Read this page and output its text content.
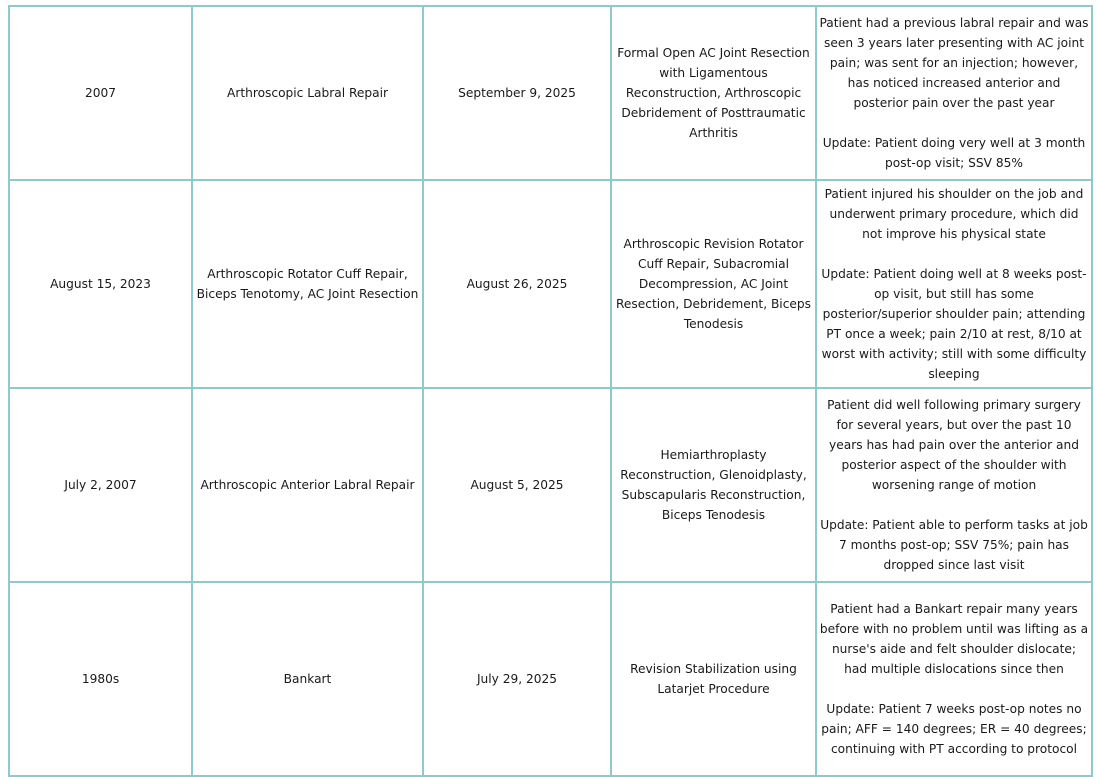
2007	Arthroscopic Labral Repair	September 9, 2025	Formal Open AC Joint Resection with Ligamentous Reconstruction, Arthroscopic Debridement of Posttraumatic Arthritis	Patient had a previous labral repair and was seen 3 years later presenting with AC joint pain; was sent for an injection; however, has noticed increased anterior and posterior pain over the past year

Update: Patient doing very well at 3 month post-op visit; SSV 85%

August 15, 2023	Arthroscopic Rotator Cuff Repair, Biceps Tenotomy, AC Joint Resection	August 26, 2025	Arthroscopic Revision Rotator Cuff Repair, Subacromial Decompression, AC Joint Resection, Debridement, Biceps Tenodesis	Patient injured his shoulder on the job and underwent primary procedure, which did not improve his physical state

Update: Patient doing well at 8 weeks post-op visit, but still has some posterior/superior shoulder pain; attending PT once a week; pain 2/10 at rest, 8/10 at worst with activity; still with some difficulty sleeping

July 2, 2007	Arthroscopic Anterior Labral Repair	August 5, 2025	Hemiarthroplasty Reconstruction, Glenoidplasty, Subscapularis Reconstruction, Biceps Tenodesis	Patient did well following primary surgery for several years, but over the past 10 years has had pain over the anterior and posterior aspect of the shoulder with worsening range of motion

Update: Patient able to perform tasks at job 7 months post-op; SSV 75%; pain has dropped since last visit

1980s	Bankart	July 29, 2025	Revision Stabilization using Latarjet Procedure	Patient had a Bankart repair many years before with no problem until was lifting as a nurse's aide and felt shoulder dislocate; had multiple dislocations since then

Update: Patient 7 weeks post-op notes no pain; AFF = 140 degrees; ER = 40 degrees; continuing with PT according to protocol
